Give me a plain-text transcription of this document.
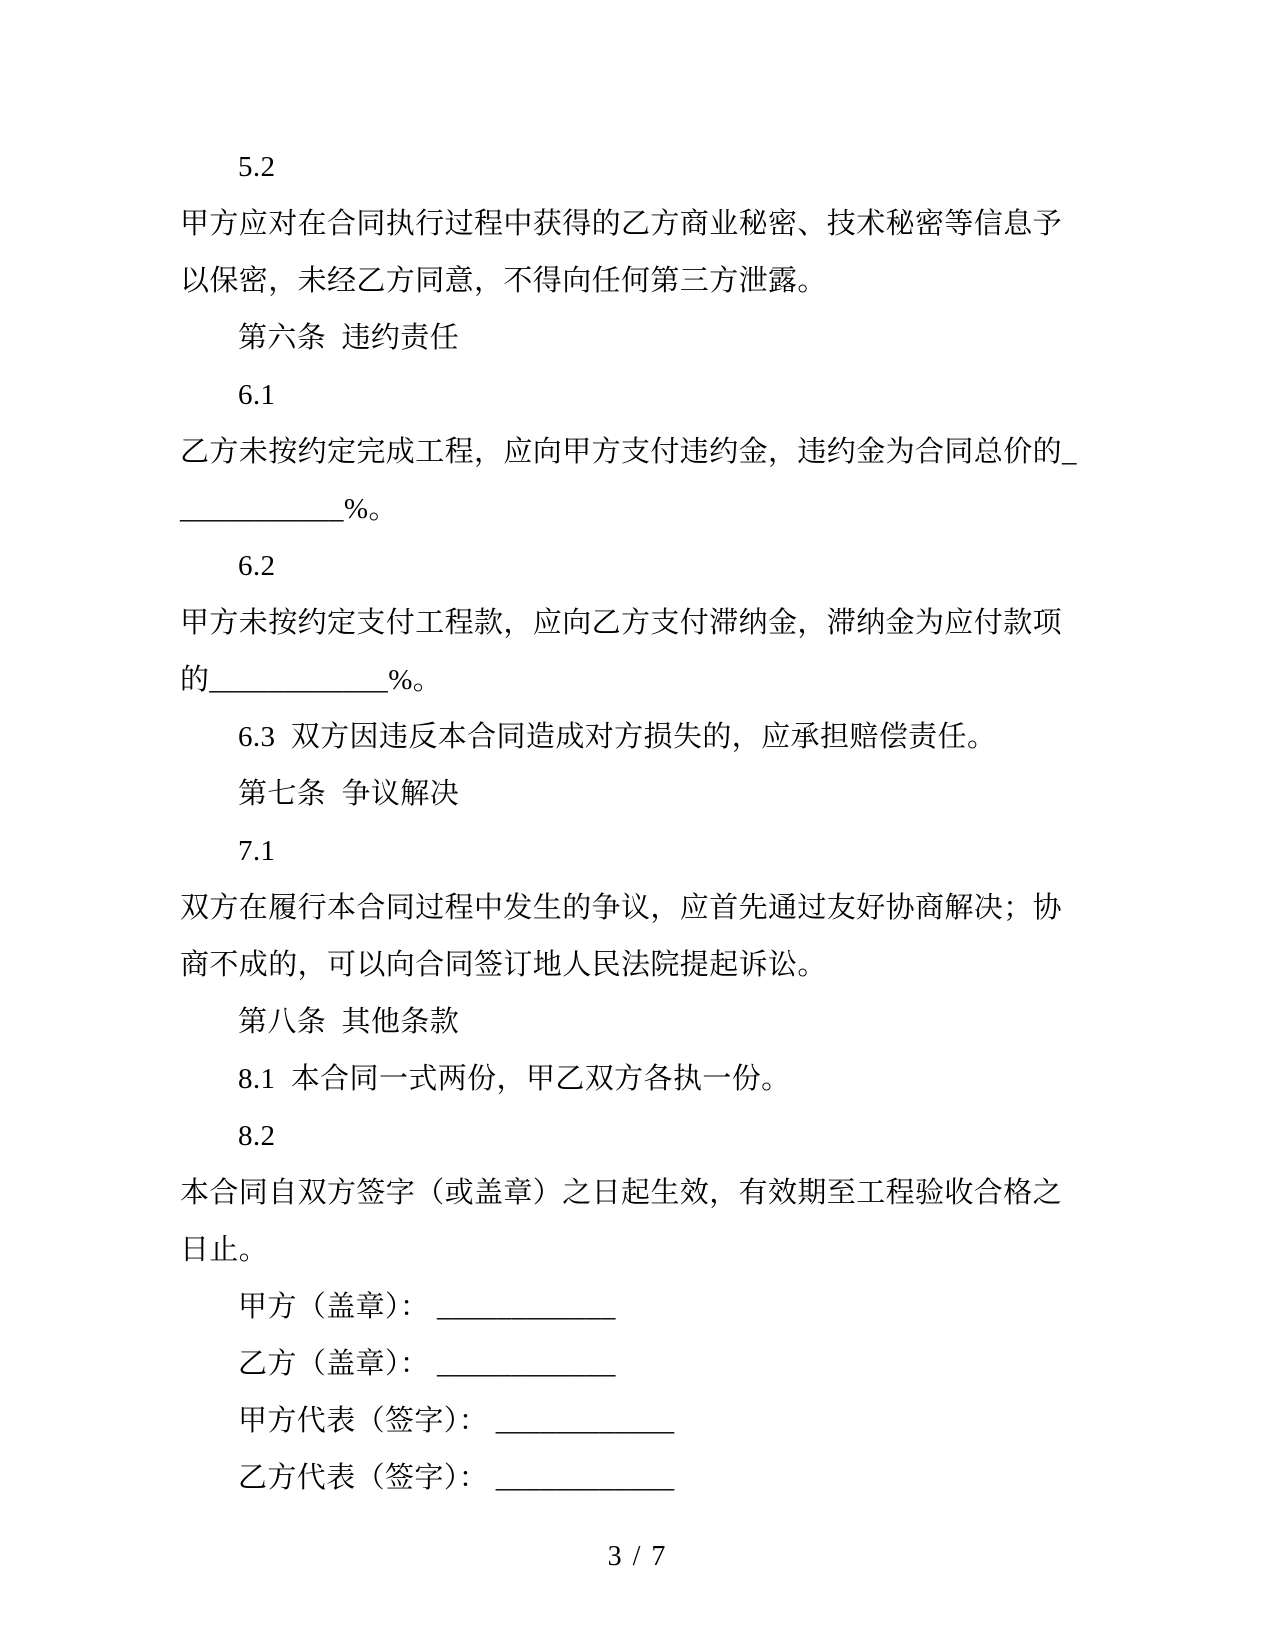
5.2
甲方应对在合同执行过程中获得的乙方商业秘密、技术秘密等信息予
以保密，未经乙方同意，不得向任何第三方泄露。
第六条  违约责任
6.1
乙方未按约定完成工程，应向甲方支付违约金，违约金为合同总价的_
___________%。
6.2
甲方未按约定支付工程款，应向乙方支付滞纳金，滞纳金为应付款项
的____________%。
6.3  双方因违反本合同造成对方损失的，应承担赔偿责任。
第七条  争议解决
7.1
双方在履行本合同过程中发生的争议，应首先通过友好协商解决；协
商不成的，可以向合同签订地人民法院提起诉讼。
第八条  其他条款
8.1  本合同一式两份，甲乙双方各执一份。
8.2
本合同自双方签字（或盖章）之日起生效，有效期至工程验收合格之
日止。
甲方（盖章）： ____________
乙方（盖章）： ____________
甲方代表（签字）： ____________
乙方代表（签字）： ____________
3 / 7
